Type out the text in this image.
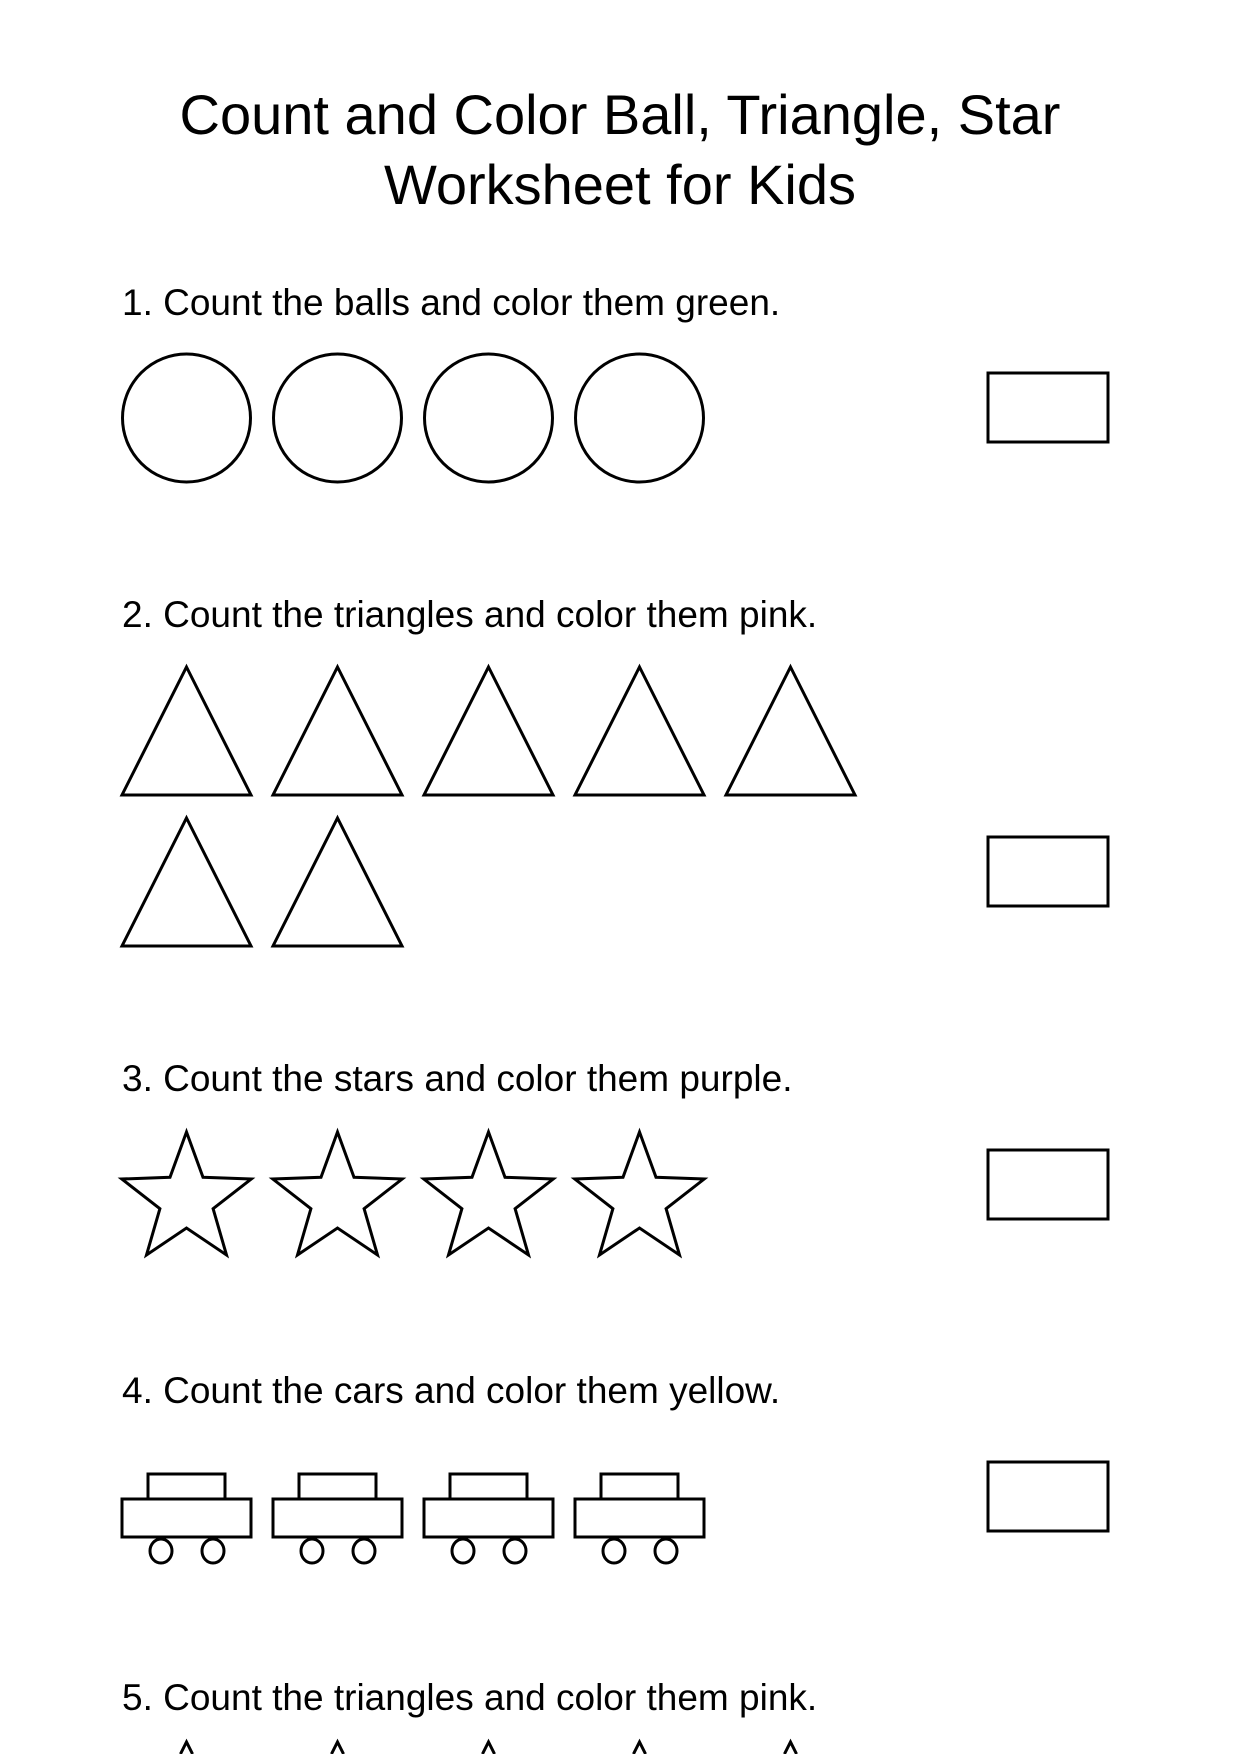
Count and Color Ball, Triangle, Star
Worksheet for Kids
1. Count the balls and color them green.
2. Count the triangles and color them pink.
3. Count the stars and color them purple.
4. Count the cars and color them yellow.
5. Count the triangles and color them pink.
